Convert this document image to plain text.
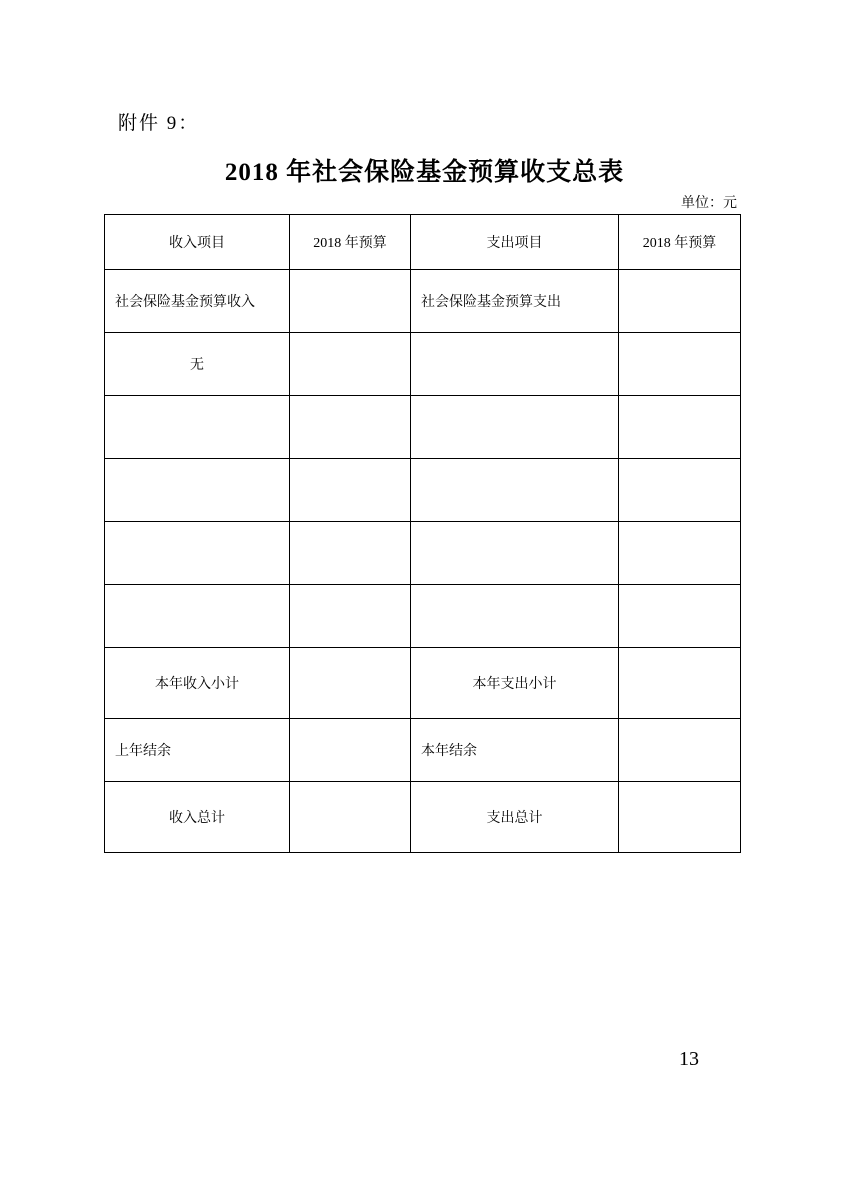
附件 9：
2018 年社会保险基金预算收支总表
单位：元
收入项目	2018 年预算	支出项目	2018 年预算
社会保险基金预算收入		社会保险基金预算支出	
无			

本年收入小计		本年支出小计	
上年结余		本年结余	
收入总计		支出总计	
13
